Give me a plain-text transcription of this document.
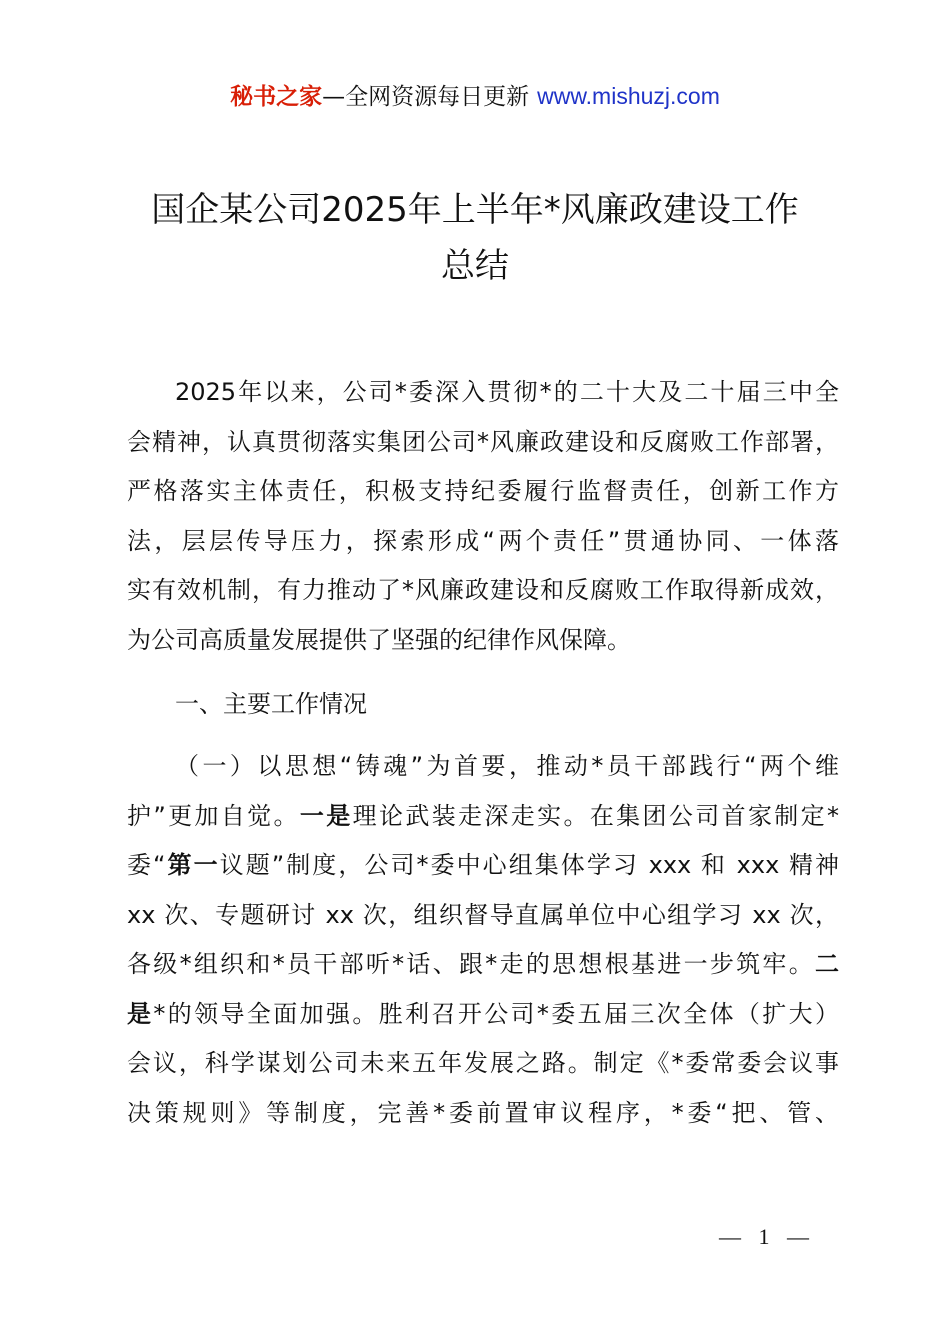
秘书之家—全网资源每日更新 www.mishuzj.com
国企某公司2025年上半年*风廉政建设工作
总结
2025年以来，公司*委深入贯彻*的二十大及二十届三中全
会精神，认真贯彻落实集团公司*风廉政建设和反腐败工作部署，
严格落实主体责任，积极支持纪委履行监督责任，创新工作方
法，层层传导压力，探索形成“两个责任”贯通协同、一体落
实有效机制，有力推动了*风廉政建设和反腐败工作取得新成效，
为公司高质量发展提供了坚强的纪律作风保障。
一、主要工作情况
（一）以思想“铸魂”为首要，推动*员干部践行“两个维
护”更加自觉。一是理论武装走深走实。在集团公司首家制定*
委“第一议题”制度，公司*委中心组集体学习 xxx 和 xxx 精神
xx 次、专题研讨 xx 次，组织督导直属单位中心组学习 xx 次，
各级*组织和*员干部听*话、跟*走的思想根基进一步筑牢。二
是*的领导全面加强。胜利召开公司*委五届三次全体（扩大）
会议，科学谋划公司未来五年发展之路。制定《*委常委会议事
决策规则》等制度，完善*委前置审议程序，*委“把、管、
— 1 —
